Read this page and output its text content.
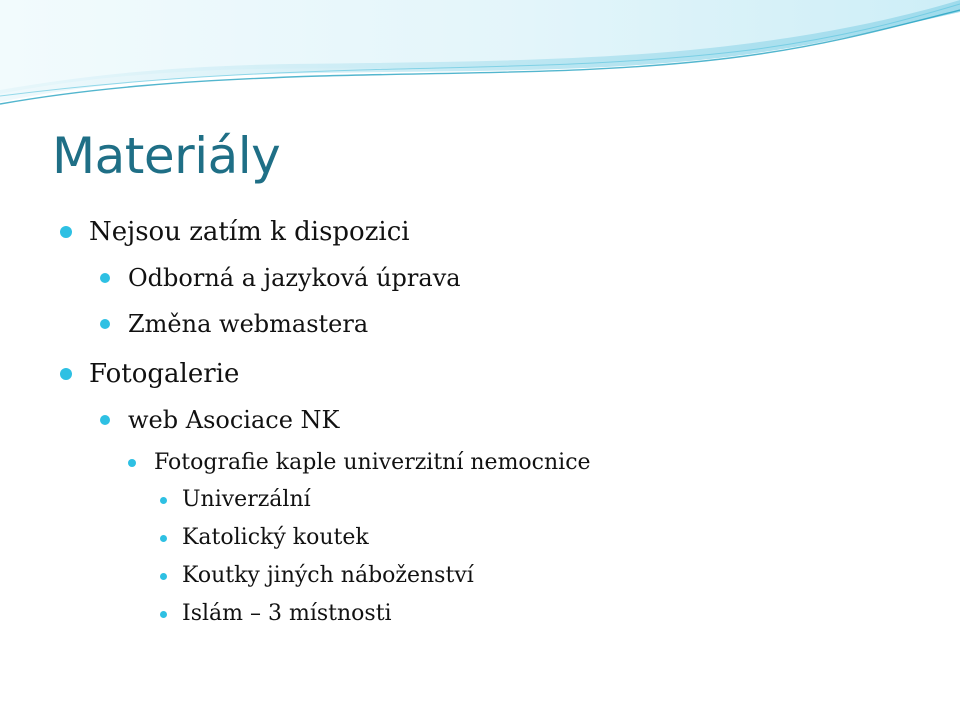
Materiály
Nejsou zatím k dispozici
Odborná a jazyková úprava
Změna webmastera
Fotogalerie
web Asociace NK
Fotografie kaple univerzitní nemocnice
Univerzální
Katolický koutek
Koutky jiných náboženství
Islám – 3 místnosti
